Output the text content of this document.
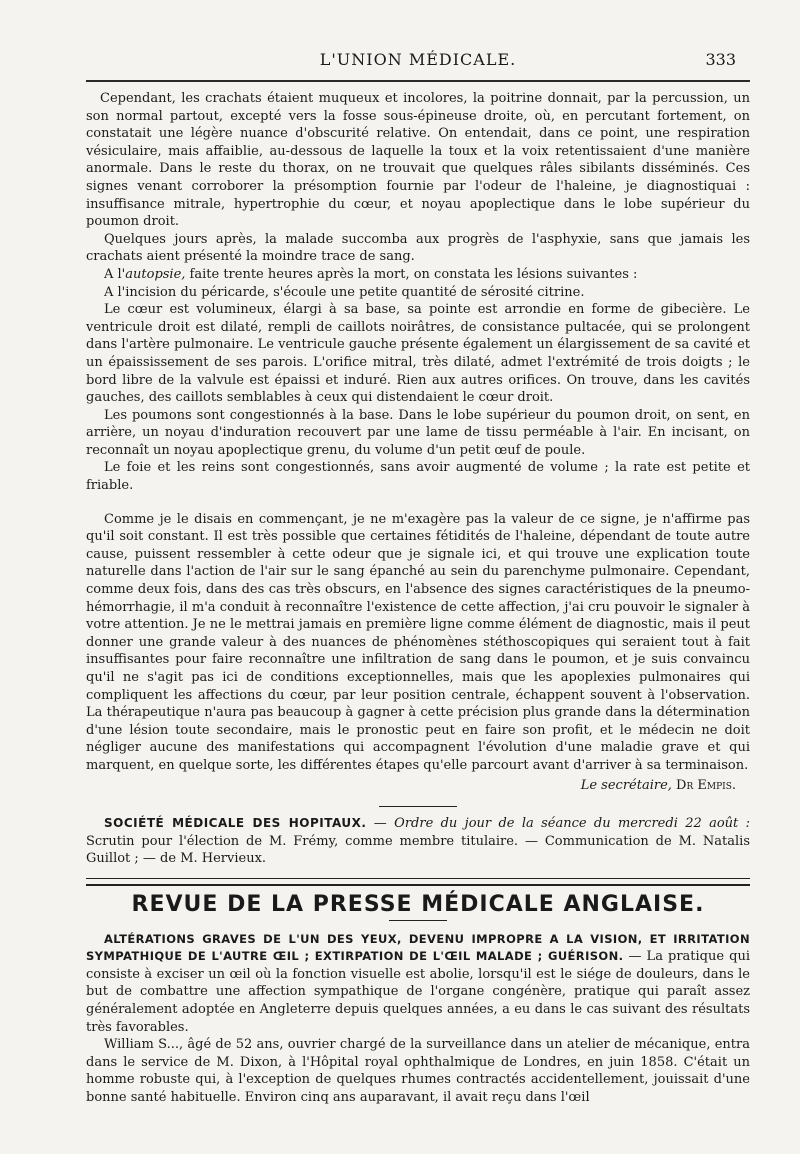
L'UNION MÉDICALE.	333

Cependant, les crachats étaient muqueux et incolores, la poitrine donnait, par la percussion, un son normal partout, excepté vers la fosse sous-épineuse droite, où, en percutant fortement, on constatait une légère nuance d'obscurité relative. On entendait, dans ce point, une respiration vésiculaire, mais affaiblie, au-dessous de laquelle la toux et la voix retentissaient d'une manière anormale. Dans le reste du thorax, on ne trouvait que quelques râles sibilants disséminés. Ces signes venant corroborer la présomption fournie par l'odeur de l'haleine, je diagnostiquai : insuffisance mitrale, hypertrophie du cœur, et noyau apoplectique dans le lobe supérieur du poumon droit.

Quelques jours après, la malade succomba aux progrès de l'asphyxie, sans que jamais les crachats aient présenté la moindre trace de sang.

A l'autopsie, faite trente heures après la mort, on constata les lésions suivantes :

A l'incision du péricarde, s'écoule une petite quantité de sérosité citrine.

Le cœur est volumineux, élargi à sa base, sa pointe est arrondie en forme de gibecière. Le ventricule droit est dilaté, rempli de caillots noirâtres, de consistance pultacée, qui se prolongent dans l'artère pulmonaire. Le ventricule gauche présente également un élargissement de sa cavité et un épaississement de ses parois. L'orifice mitral, très dilaté, admet l'extrémité de trois doigts ; le bord libre de la valvule est épaissi et induré. Rien aux autres orifices. On trouve, dans les cavités gauches, des caillots semblables à ceux qui distendaient le cœur droit.

Les poumons sont congestionnés à la base. Dans le lobe supérieur du poumon droit, on sent, en arrière, un noyau d'induration recouvert par une lame de tissu perméable à l'air. En incisant, on reconnaît un noyau apoplectique grenu, du volume d'un petit œuf de poule.

Le foie et les reins sont congestionnés, sans avoir augmenté de volume ; la rate est petite et friable.

Comme je le disais en commençant, je ne m'exagère pas la valeur de ce signe, je n'affirme pas qu'il soit constant. Il est très possible que certaines fétidités de l'haleine, dépendant de toute autre cause, puissent ressembler à cette odeur que je signale ici, et qui trouve une explication toute naturelle dans l'action de l'air sur le sang épanché au sein du parenchyme pulmonaire. Cependant, comme deux fois, dans des cas très obscurs, en l'absence des signes caractéristiques de la pneumo-hémorrhagie, il m'a conduit à reconnaître l'existence de cette affection, j'ai cru pouvoir le signaler à votre attention. Je ne le mettrai jamais en première ligne comme élément de diagnostic, mais il peut donner une grande valeur à des nuances de phénomènes stéthoscopiques qui seraient tout à fait insuffisantes pour faire reconnaître une infiltration de sang dans le poumon, et je suis convaincu qu'il ne s'agit pas ici de conditions exceptionnelles, mais que les apoplexies pulmonaires qui compliquent les affections du cœur, par leur position centrale, échappent souvent à l'observation. La thérapeutique n'aura pas beaucoup à gagner à cette précision plus grande dans la détermination d'une lésion toute secondaire, mais le pronostic peut en faire son profit, et le médecin ne doit négliger aucune des manifestations qui accompagnent l'évolution d'une maladie grave et qui marquent, en quelque sorte, les différentes étapes qu'elle parcourt avant d'arriver à sa terminaison.

Le secrétaire, Dr Empis.

SOCIÉTÉ MÉDICALE DES HOPITAUX. — Ordre du jour de la séance du mercredi 22 août : Scrutin pour l'élection de M. Frémy, comme membre titulaire. — Communication de M. Natalis Guillot ; — de M. Hervieux.

REVUE DE LA PRESSE MÉDICALE ANGLAISE.

ALTÉRATIONS GRAVES DE L'UN DES YEUX, DEVENU IMPROPRE A LA VISION, ET IRRITATION SYMPATHIQUE DE L'AUTRE ŒIL ; EXTIRPATION DE L'ŒIL MALADE ; GUÉRISON. — La pratique qui consiste à exciser un œil où la fonction visuelle est abolie, lorsqu'il est le siége de douleurs, dans le but de combattre une affection sympathique de l'organe congénère, pratique qui paraît assez généralement adoptée en Angleterre depuis quelques années, a eu dans le cas suivant des résultats très favorables.

William S..., âgé de 52 ans, ouvrier chargé de la surveillance dans un atelier de mécanique, entra dans le service de M. Dixon, à l'Hôpital royal ophthalmique de Londres, en juin 1858. C'était un homme robuste qui, à l'exception de quelques rhumes contractés accidentellement, jouissait d'une bonne santé habituelle. Environ cinq ans auparavant, il avait reçu dans l'œil
